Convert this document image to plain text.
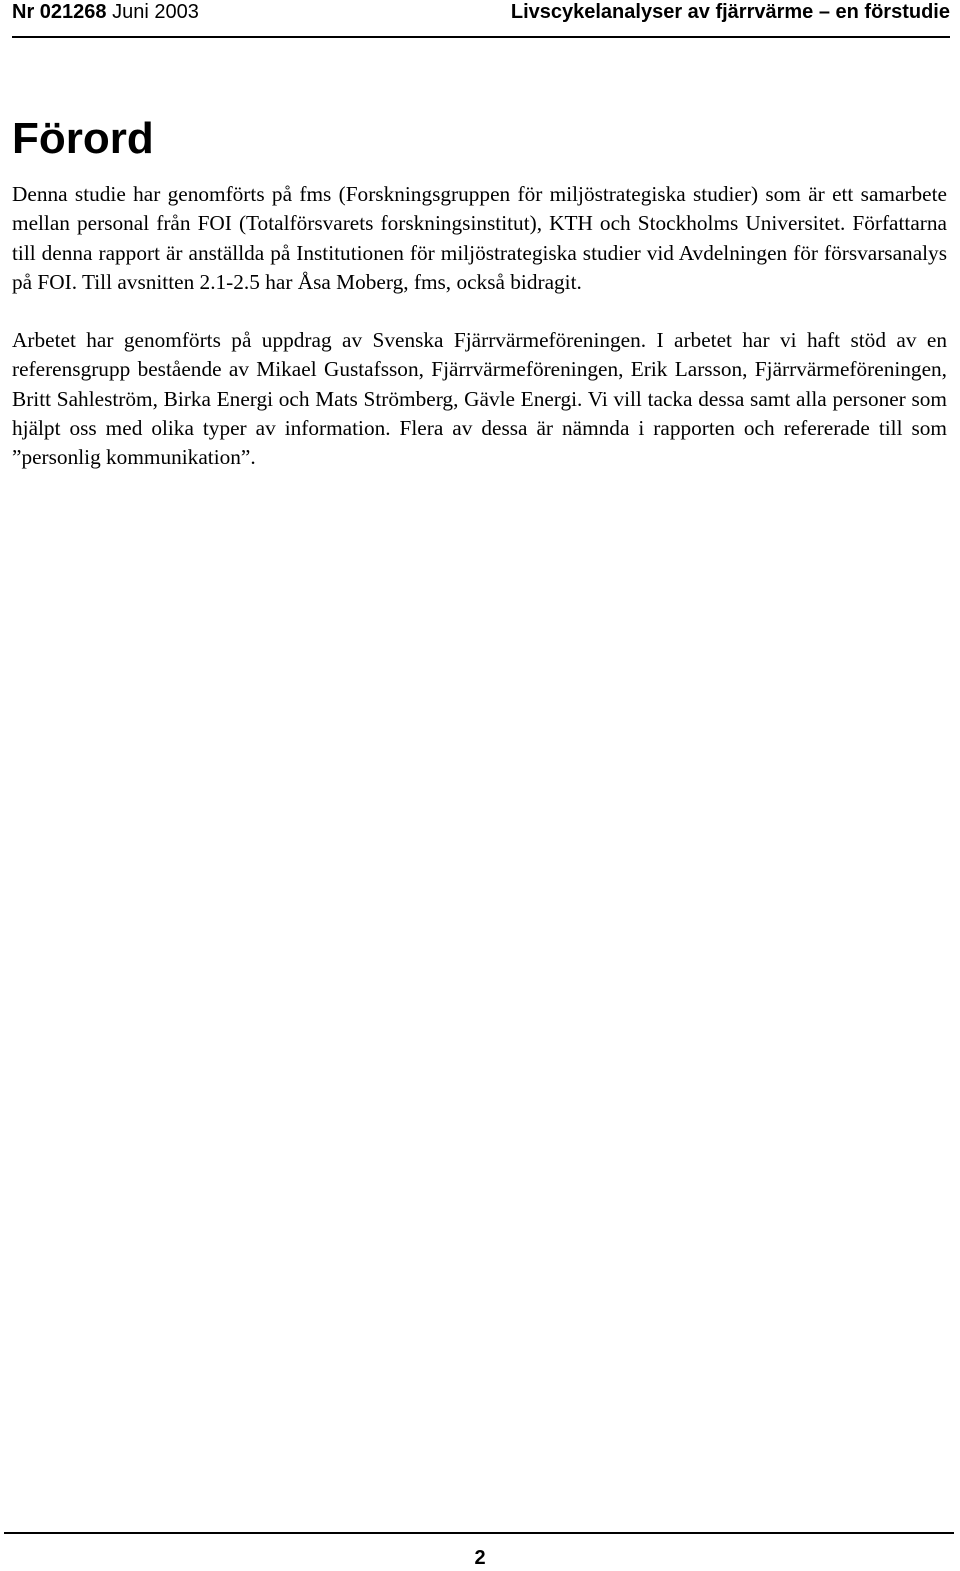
Nr 021268 Juni 2003	Livscykelanalyser av fjärrvärme – en förstudie
Förord

Denna studie har genomförts på fms (Forskningsgruppen för miljöstrategiska studier) som är ett samarbete mellan personal från FOI (Totalförsvarets forskningsinstitut), KTH och Stockholms Universitet. Författarna till denna rapport är anställda på Institutionen för miljöstrategiska studier vid Avdelningen för försvarsanalys på FOI. Till avsnitten 2.1-2.5 har Åsa Moberg, fms, också bidragit.

Arbetet har genomförts på uppdrag av Svenska Fjärrvärmeföreningen. I arbetet har vi haft stöd av en referensgrupp bestående av Mikael Gustafsson, Fjärrvärmeföreningen, Erik Larsson, Fjärrvärmeföreningen, Britt Sahleström, Birka Energi och Mats Strömberg, Gävle Energi. Vi vill tacka dessa samt alla personer som hjälpt oss med olika typer av information. Flera av dessa är nämnda i rapporten och refererade till som ”personlig kommunikation”.

2
